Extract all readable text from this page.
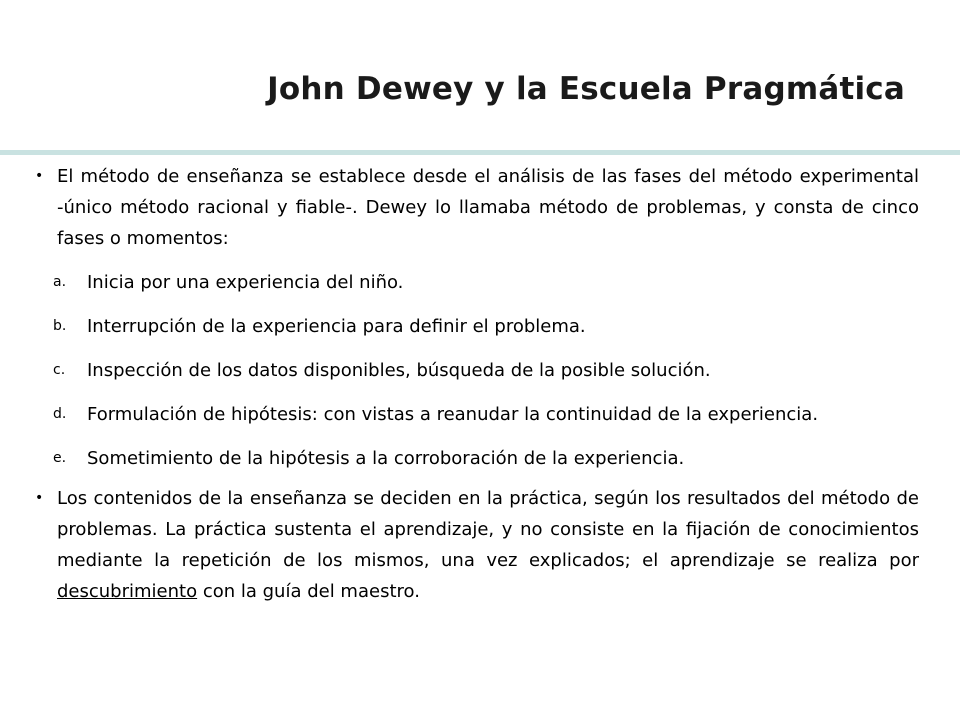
John Dewey y la Escuela Pragmática
• El método de enseñanza se establece desde el análisis de las fases del método experimental -único método racional y fiable-. Dewey lo llamaba método de problemas, y consta de cinco fases o momentos:
a. Inicia por una experiencia del niño.
b. Interrupción de la experiencia para definir el problema.
c. Inspección de los datos disponibles, búsqueda de la posible solución.
d. Formulación de hipótesis: con vistas a reanudar la continuidad de la experiencia.
e. Sometimiento de la hipótesis a la corroboración de la experiencia.
• Los contenidos de la enseñanza se deciden en la práctica, según los resultados del método de problemas. La práctica sustenta el aprendizaje, y no consiste en la fijación de conocimientos mediante la repetición de los mismos, una vez explicados; el aprendizaje se realiza por descubrimiento con la guía del maestro.
